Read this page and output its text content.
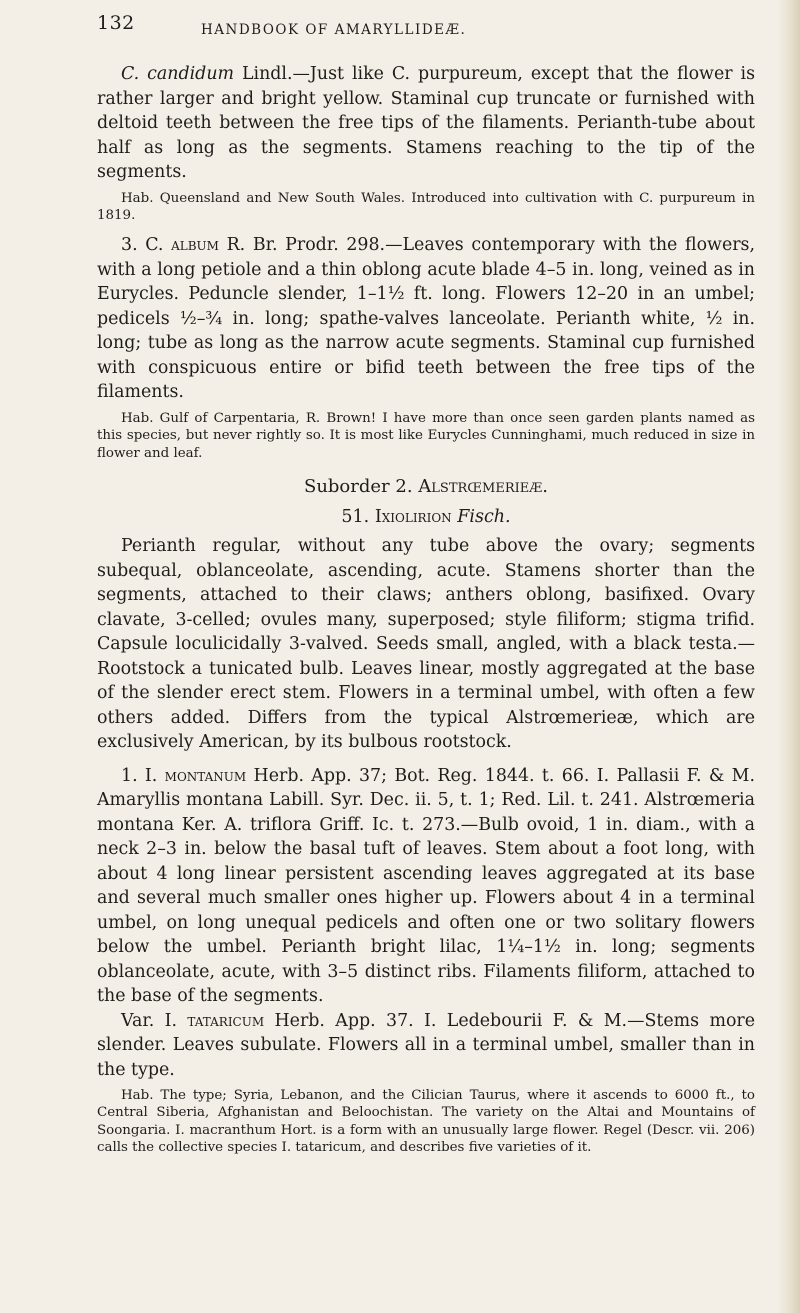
132	HANDBOOK OF AMARYLLIDEÆ.

C. candidum Lindl.—Just like C. purpureum, except that the flower is rather larger and bright yellow. Staminal cup truncate or furnished with deltoid teeth between the free tips of the filaments. Perianth-tube about half as long as the segments. Stamens reaching to the tip of the segments.

Hab. Queensland and New South Wales. Introduced into cultivation with C. purpureum in 1819.

3. C. album R. Br. Prodr. 298.—Leaves contemporary with the flowers, with a long petiole and a thin oblong acute blade 4–5 in. long, veined as in Eurycles. Peduncle slender, 1–1½ ft. long. Flowers 12–20 in an umbel; pedicels ½–¾ in. long; spathe-valves lanceolate. Perianth white, ½ in. long; tube as long as the narrow acute segments. Staminal cup furnished with conspicuous entire or bifid teeth between the free tips of the filaments.

Hab. Gulf of Carpentaria, R. Brown! I have more than once seen garden plants named as this species, but never rightly so. It is most like Eurycles Cunninghami, much reduced in size in flower and leaf.

Suborder 2. Alstrœmerieæ.

51. Ixiolirion Fisch.

Perianth regular, without any tube above the ovary; segments subequal, oblanceolate, ascending, acute. Stamens shorter than the segments, attached to their claws; anthers oblong, basifixed. Ovary clavate, 3-celled; ovules many, superposed; style filiform; stigma trifid. Capsule loculicidally 3-valved. Seeds small, angled, with a black testa.—Rootstock a tunicated bulb. Leaves linear, mostly aggregated at the base of the slender erect stem. Flowers in a terminal umbel, with often a few others added. Differs from the typical Alstrœmerieæ, which are exclusively American, by its bulbous rootstock.

1. I. montanum Herb. App. 37; Bot. Reg. 1844. t. 66. I. Pallasii F. & M. Amaryllis montana Labill. Syr. Dec. ii. 5, t. 1; Red. Lil. t. 241. Alstrœmeria montana Ker. A. triflora Griff. Ic. t. 273.—Bulb ovoid, 1 in. diam., with a neck 2–3 in. below the basal tuft of leaves. Stem about a foot long, with about 4 long linear persistent ascending leaves aggregated at its base and several much smaller ones higher up. Flowers about 4 in a terminal umbel, on long unequal pedicels and often one or two solitary flowers below the umbel. Perianth bright lilac, 1¼–1½ in. long; segments oblanceolate, acute, with 3–5 distinct ribs. Filaments filiform, attached to the base of the segments.

Var. I. tataricum Herb. App. 37. I. Ledebourii F. & M.—Stems more slender. Leaves subulate. Flowers all in a terminal umbel, smaller than in the type.

Hab. The type; Syria, Lebanon, and the Cilician Taurus, where it ascends to 6000 ft., to Central Siberia, Afghanistan and Beloochistan. The variety on the Altai and Mountains of Soongaria. I. macranthum Hort. is a form with an unusually large flower. Regel (Descr. vii. 206) calls the collective species I. tataricum, and describes five varieties of it.
